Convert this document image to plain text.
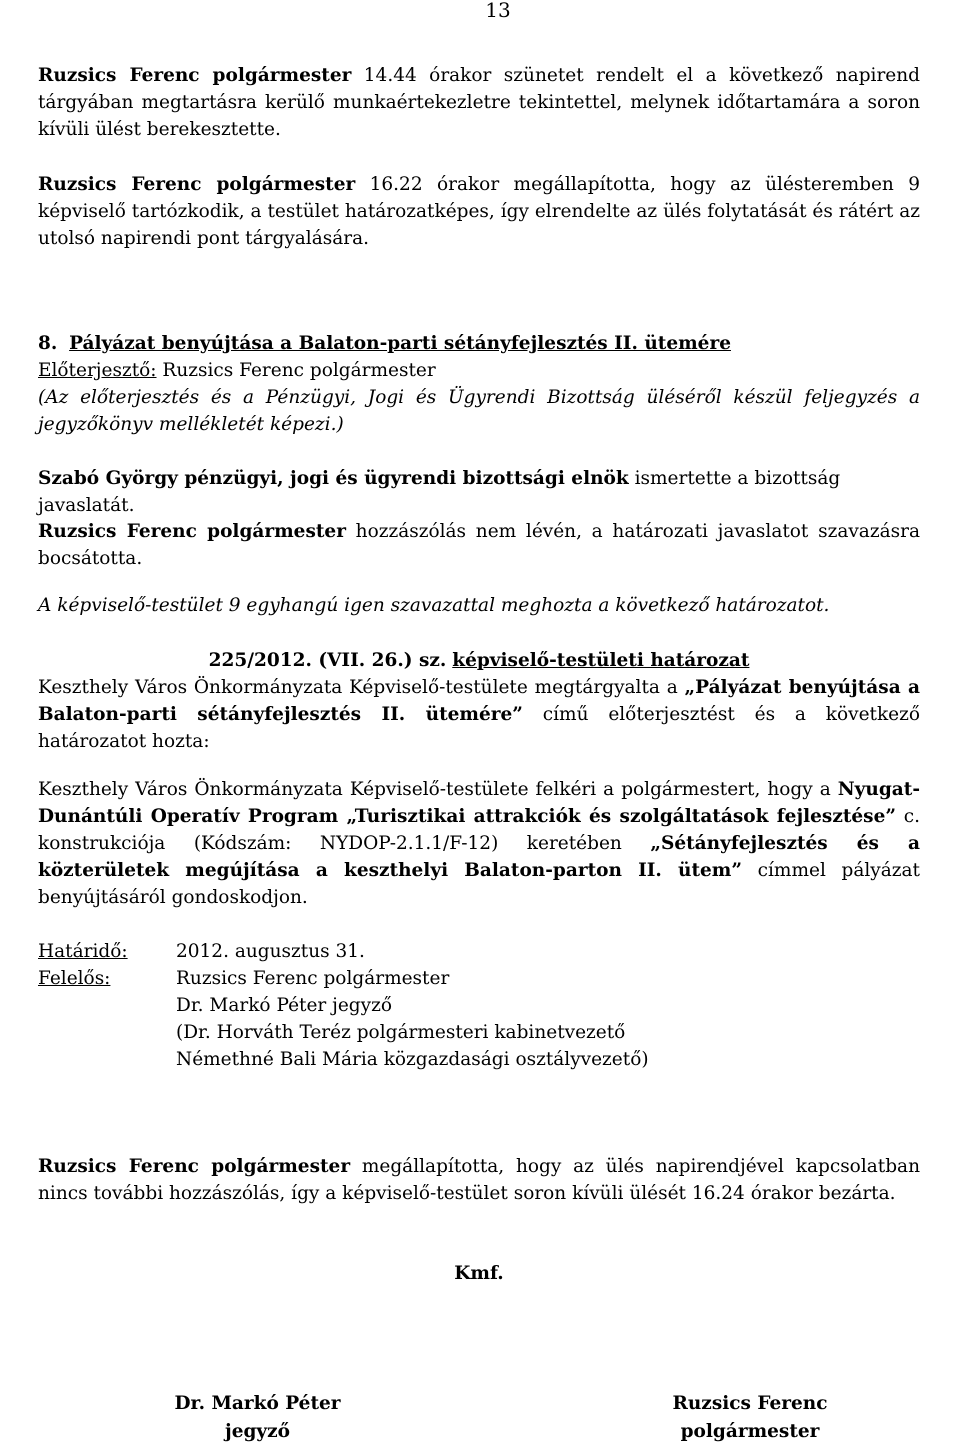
13
Ruzsics Ferenc polgármester 14.44 órakor szünetet rendelt el a következő napirend tárgyában megtartásra kerülő munkaértekezletre tekintettel, melynek időtartamára a soron kívüli ülést berekesztette.
Ruzsics Ferenc polgármester 16.22 órakor megállapította, hogy az ülésteremben 9 képviselő tartózkodik, a testület határozatképes, így elrendelte az ülés folytatását és rátért az utolsó napirendi pont tárgyalására.
8. Pályázat benyújtása a Balaton-parti sétányfejlesztés II. ütemére
Előterjesztő: Ruzsics Ferenc polgármester
(Az előterjesztés és a Pénzügyi, Jogi és Ügyrendi Bizottság üléséről készül feljegyzés a jegyzőkönyv mellékletét képezi.)
Szabó György pénzügyi, jogi és ügyrendi bizottsági elnök ismertette a bizottság javaslatát.
Ruzsics Ferenc polgármester hozzászólás nem lévén, a határozati javaslatot szavazásra bocsátotta.
A képviselő-testület 9 egyhangú igen szavazattal meghozta a következő határozatot.
225/2012. (VII. 26.) sz. képviselő-testületi határozat
Keszthely Város Önkormányzata Képviselő-testülete megtárgyalta a „Pályázat benyújtása a Balaton-parti sétányfejlesztés II. ütemére” című előterjesztést és a következő határozatot hozta:
Keszthely Város Önkormányzata Képviselő-testülete felkéri a polgármestert, hogy a Nyugat-Dunántúli Operatív Program „Turisztikai attrakciók és szolgáltatások fejlesztése” c. konstrukciója (Kódszám: NYDOP-2.1.1/F-12) keretében „Sétányfejlesztés és a közterületek megújítása a keszthelyi Balaton-parton II. ütem” címmel pályázat benyújtásáról gondoskodjon.
Határidő:	2012. augusztus 31.
Felelős:	Ruzsics Ferenc polgármester
Dr. Markó Péter jegyző
(Dr. Horváth Teréz polgármesteri kabinetvezető
Némethné Bali Mária közgazdasági osztályvezető)
Ruzsics Ferenc polgármester megállapította, hogy az ülés napirendjével kapcsolatban nincs további hozzászólás, így a képviselő-testület soron kívüli ülését 16.24 órakor bezárta.
Kmf.
Dr. Markó Péter
jegyző
Ruzsics Ferenc
polgármester
